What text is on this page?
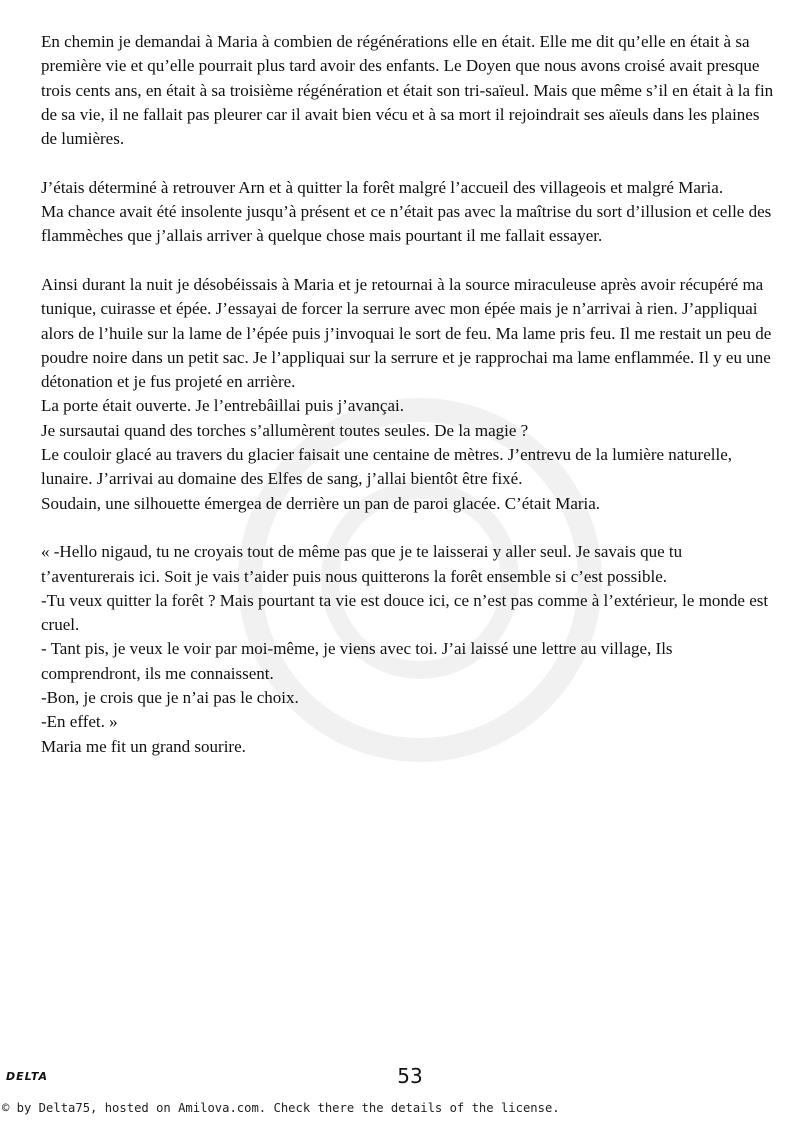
En chemin je demandai à Maria à combien de régénérations elle en était. Elle me dit qu’elle en était à sa première vie et qu’elle pourrait plus tard avoir des enfants. Le Doyen que nous avons croisé avait presque trois cents ans, en était à sa troisième régénération et était son tri-saïeul. Mais que même s’il en était à la fin de sa vie, il ne fallait pas pleurer car il avait bien vécu et à sa mort il rejoindrait ses aïeuls dans les plaines de lumières.

J’étais déterminé à retrouver Arn et à quitter la forêt malgré l’accueil des villageois et malgré Maria.

Ma chance avait été insolente jusqu’à présent et ce n’était pas avec la maîtrise du sort d’illusion et celle des flammèches que j’allais arriver à quelque chose mais pourtant il me fallait essayer.

Ainsi durant la nuit je désobéissais à Maria et je retournai à la source miraculeuse après avoir récupéré ma tunique, cuirasse et épée. J’essayai de forcer la serrure avec mon épée mais je n’arrivai à rien. J’appliquai alors de l’huile sur la lame de l’épée puis j’invoquai le sort de feu. Ma lame pris feu. Il me restait un peu de poudre noire dans un petit sac. Je l’appliquai sur la serrure et je rapprochai ma lame enflammée. Il y eu une détonation et je fus projeté en arrière.

La porte était ouverte. Je l’entrebâillai puis j’avançai.

Je sursautai quand des torches s’allumèrent toutes seules. De la magie ?

Le couloir glacé au travers du glacier faisait une centaine de mètres. J’entrevu de la lumière naturelle, lunaire. J’arrivai au domaine des Elfes de sang, j’allai bientôt être fixé.

Soudain, une silhouette émergea de derrière un pan de paroi glacée. C’était Maria.

« -Hello nigaud, tu ne croyais tout de même pas que je te laisserai y aller seul. Je savais que tu t’aventurerais ici. Soit je vais t’aider puis nous quitterons la forêt ensemble si c’est possible.

-Tu veux quitter la forêt ? Mais pourtant ta vie est douce ici, ce n’est pas comme à l’extérieur, le monde est cruel.

- Tant pis, je veux le voir par moi-même, je viens avec toi. J’ai laissé une lettre au village, Ils comprendront, ils me connaissent.

-Bon, je crois que je n’ai pas le choix.

-En effet. »

Maria me fit un grand sourire.

DELTA	53
© by Delta75, hosted on Amilova.com. Check there the details of the license.
